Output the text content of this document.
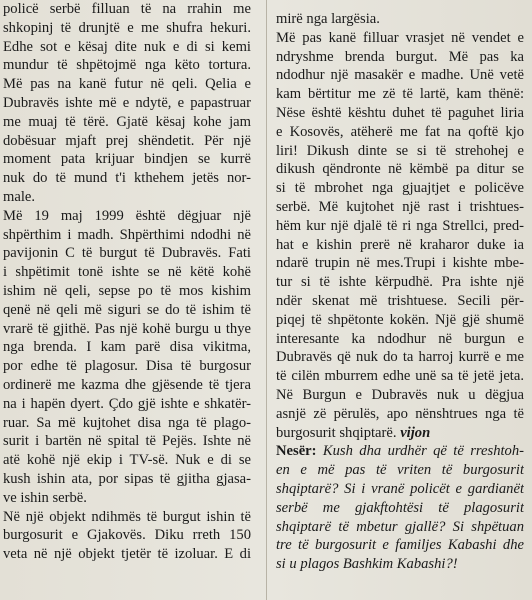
policë serbë filluan të na rrahin me
shkopinj të drunjtë e me shufra hekuri.
Edhe sot e kësaj dite nuk e di si kemi
mundur të shpëtojmë nga këto tortura.
Më pas na kanë futur në qeli. Qelia e
Dubravës ishte më e ndytë, e papastruar
me muaj të tërë. Gjatë kësaj kohe jam
dobësuar mjaft prej shëndetit. Për një
moment pata krijuar bindjen se kurrë
nuk do të mund t'i kthehem jetës nor-
male.
Më 19 maj 1999 është dëgjuar një
shpërthim i madh. Shpërthimi ndodhi në
pavijonin C të burgut të Dubravës. Fati
i shpëtimit tonë ishte se në këtë kohë
ishim në qeli, sepse po të mos kishim
qenë në qeli më siguri se do të ishim të
vrarë të gjithë. Pas një kohë burgu u thye
nga brenda. I kam parë disa vikitma,
por edhe të plagosur. Disa të burgosur
ordinerë me kazma dhe gjësende të tjera
na i hapën dyert. Çdo gjë ishte e shkatër-
ruar. Sa më kujtohet disa nga të plago-
surit i bartën në spital të Pejës. Ishte në
atë kohë një ekip i TV-së. Nuk e di se
kush ishin ata, por sipas të gjitha gjasa-
ve ishin serbë.
Në një objekt ndihmës të burgut ishin të
burgosurit e Gjakovës. Diku rreth 150
veta në një objekt tjetër të izoluar. E di
mirë nga largësia.
Më pas kanë filluar vrasjet në vendet e
ndryshme brenda burgut. Më pas ka
ndodhur një masakër e madhe. Unë vetë
kam bërtitur me zë të lartë, kam thënë:
Nëse është kështu duhet të paguhet liria
e Kosovës, atëherë me fat na qoftë kjo
liri! Dikush dinte se si të strehohej e
dikush qëndronte në këmbë pa ditur se
si të mbrohet nga gjuajtjet e policëve
serbë. Më kujtohet një rast i trishtues-
hëm kur një djalë të ri nga Strellci, pred-
hat e kishin prerë në kraharor duke ia
ndarë trupin në mes.Trupi i kishte mbe-
tur si të ishte kërpudhë. Pra ishte një
ndër skenat më trishtuese. Secili për-
piqej të shpëtonte kokën. Një gjë shumë
interesante ka ndodhur në burgun e
Dubravës që nuk do ta harroj kurrë e me
të cilën mburrem edhe unë sa të jetë jeta.
Në Burgun e Dubravës nuk u dëgjua
asnjë zë përulës, apo nënshtrues nga të
burgosurit shqiptarë. vijon
Nesër: Kush dha urdhër që të rreshtoh-
en e më pas të vriten të burgosurit
shqiptarë? Si i vranë policët e gardianët
serbë me gjakftohtësi të plagosurit
shqiptarë të mbetur gjallë? Si shpëtuan
tre të burgosurit e familjes Kabashi dhe
si u plagos Bashkim Kabashi?!
